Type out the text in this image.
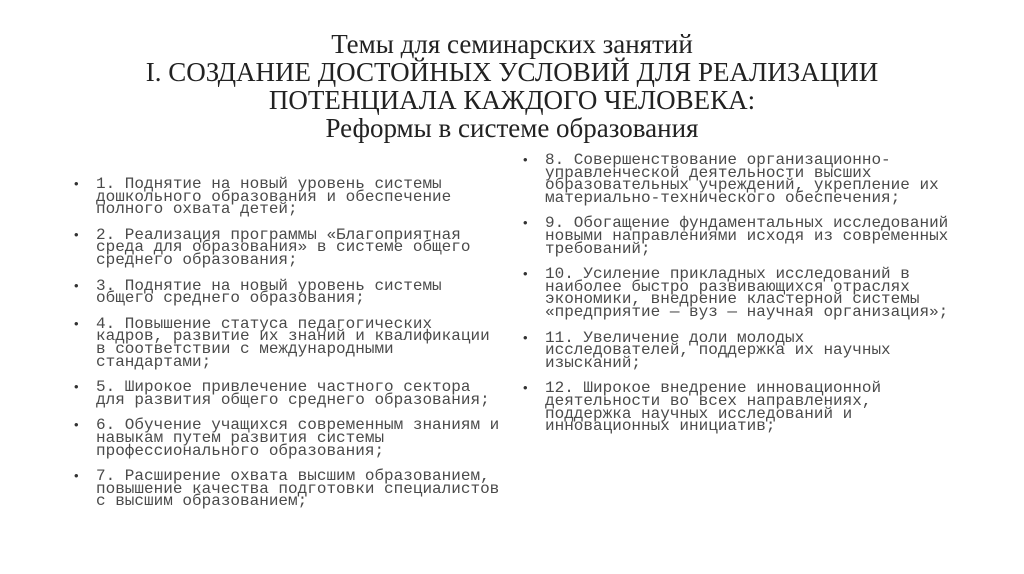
Темы для семинарских занятий
I. СОЗДАНИЕ ДОСТОЙНЫХ УСЛОВИЙ ДЛЯ РЕАЛИЗАЦИИ
ПОТЕНЦИАЛА КАЖДОГО ЧЕЛОВЕКА:
Реформы в системе образования
• 1. Поднятие на новый уровень системы
дошкольного образования и обеспечение
полного охвата детей;
• 2. Реализация программы «Благоприятная
среда для образования» в системе общего
среднего образования;
• 3. Поднятие на новый уровень системы
общего среднего образования;
• 4. Повышение статуса педагогических
кадров, развитие их знаний и квалификации
в соответствии с международными
стандартами;
• 5. Широкое привлечение частного сектора
для развития общего среднего образования;
• 6. Обучение учащихся современным знаниям и
навыкам путем развития системы
профессионального образования;
• 7. Расширение охвата высшим образованием,
повышение качества подготовки специалистов
с высшим образованием;
• 8. Совершенствование организационно-
управленческой деятельности высших
образовательных учреждений, укрепление их
материально-технического обеспечения;
• 9. Обогащение фундаментальных исследований
новыми направлениями исходя из современных
требований;
• 10. Усиление прикладных исследований в
наиболее быстро развивающихся отраслях
экономики, внедрение кластерной системы
«предприятие — вуз — научная организация»;
• 11. Увеличение доли молодых
исследователей, поддержка их научных
изысканий;
• 12. Широкое внедрение инновационной
деятельности во всех направлениях,
поддержка научных исследований и
инновационных инициатив;
